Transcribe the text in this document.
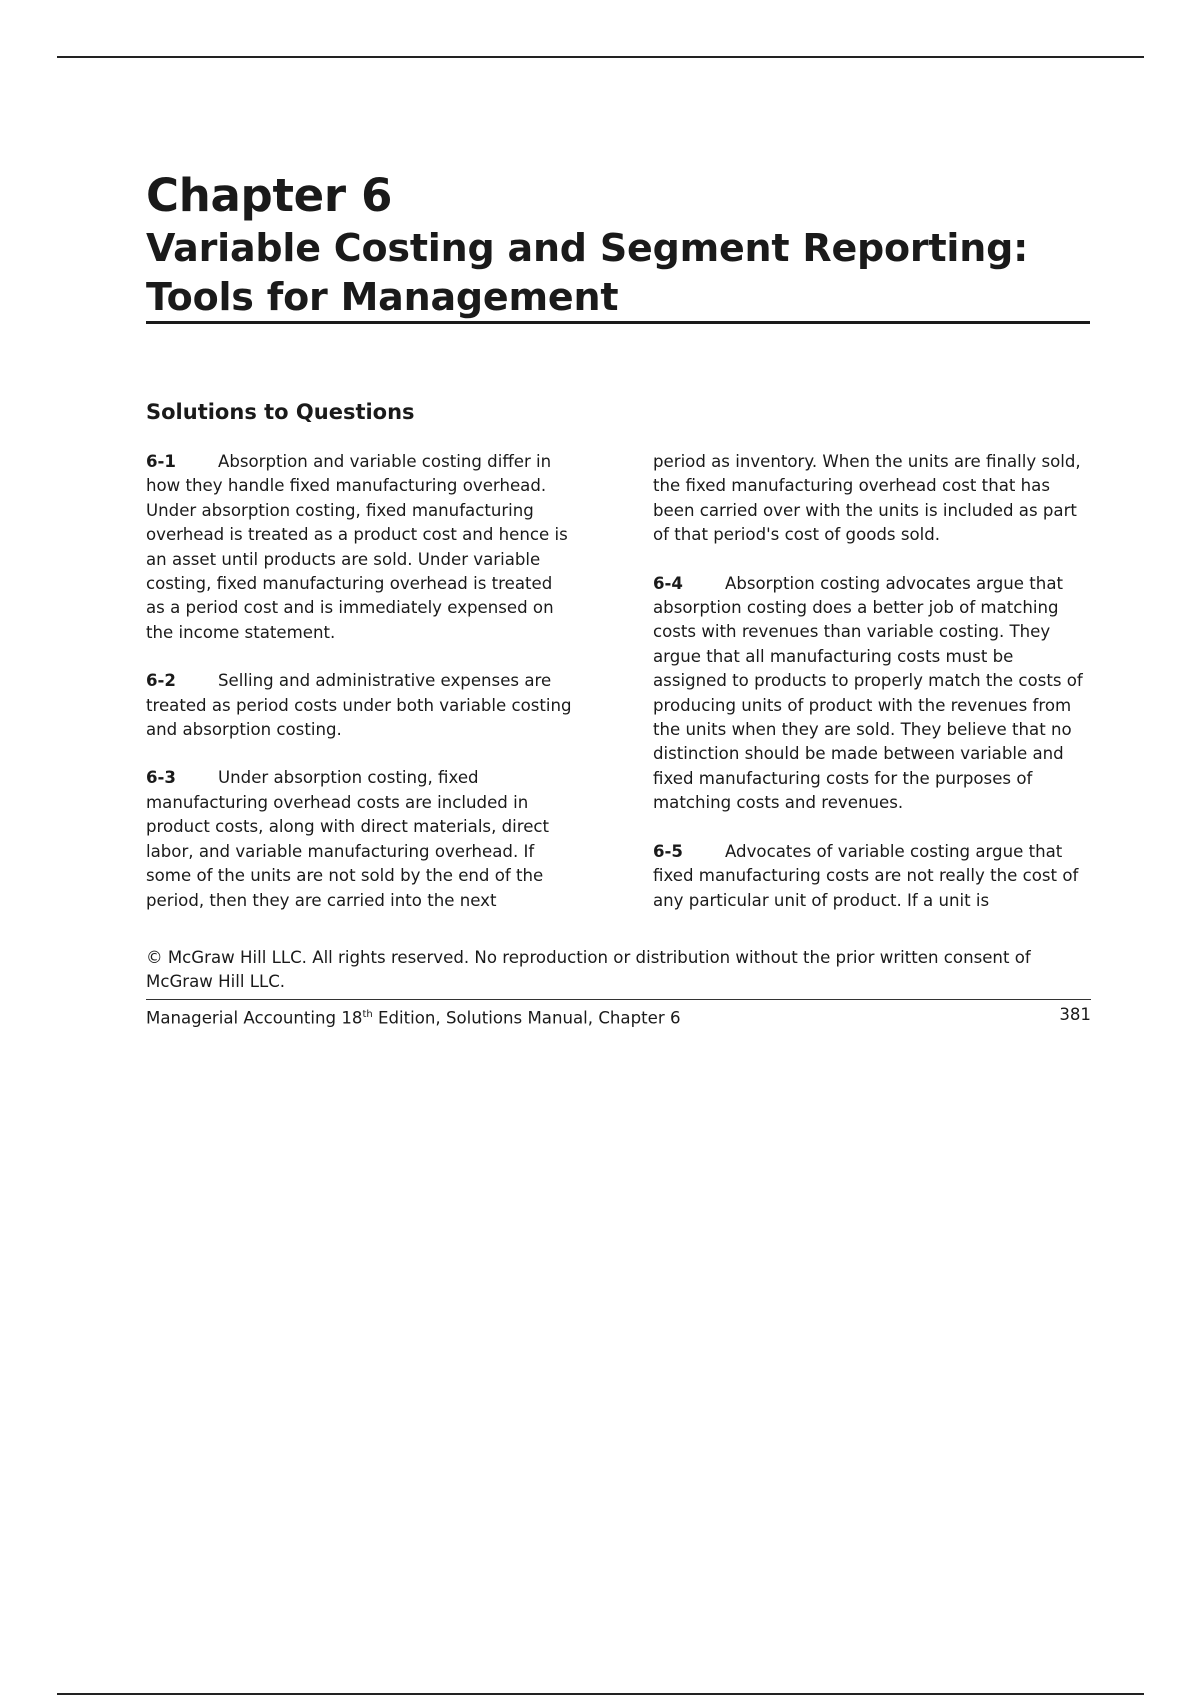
Chapter 6
Variable Costing and Segment Reporting:
Tools for Management
Solutions to Questions

6-1	Absorption and variable costing differ in how they handle fixed manufacturing overhead. Under absorption costing, fixed manufacturing overhead is treated as a product cost and hence is an asset until products are sold. Under variable costing, fixed manufacturing overhead is treated as a period cost and is immediately expensed on the income statement.

6-2	Selling and administrative expenses are treated as period costs under both variable costing and absorption costing.

6-3	Under absorption costing, fixed manufacturing overhead costs are included in product costs, along with direct materials, direct labor, and variable manufacturing overhead. If some of the units are not sold by the end of the period, then they are carried into the next

period as inventory. When the units are finally sold, the fixed manufacturing overhead cost that has been carried over with the units is included as part of that period's cost of goods sold.

6-4	Absorption costing advocates argue that absorption costing does a better job of matching costs with revenues than variable costing. They argue that all manufacturing costs must be assigned to products to properly match the costs of producing units of product with the revenues from the units when they are sold. They believe that no distinction should be made between variable and fixed manufacturing costs for the purposes of matching costs and revenues.

6-5	Advocates of variable costing argue that fixed manufacturing costs are not really the cost of any particular unit of product. If a unit is

© McGraw Hill LLC. All rights reserved. No reproduction or distribution without the prior written consent of McGraw Hill LLC.
Managerial Accounting 18th Edition, Solutions Manual, Chapter 6	381
